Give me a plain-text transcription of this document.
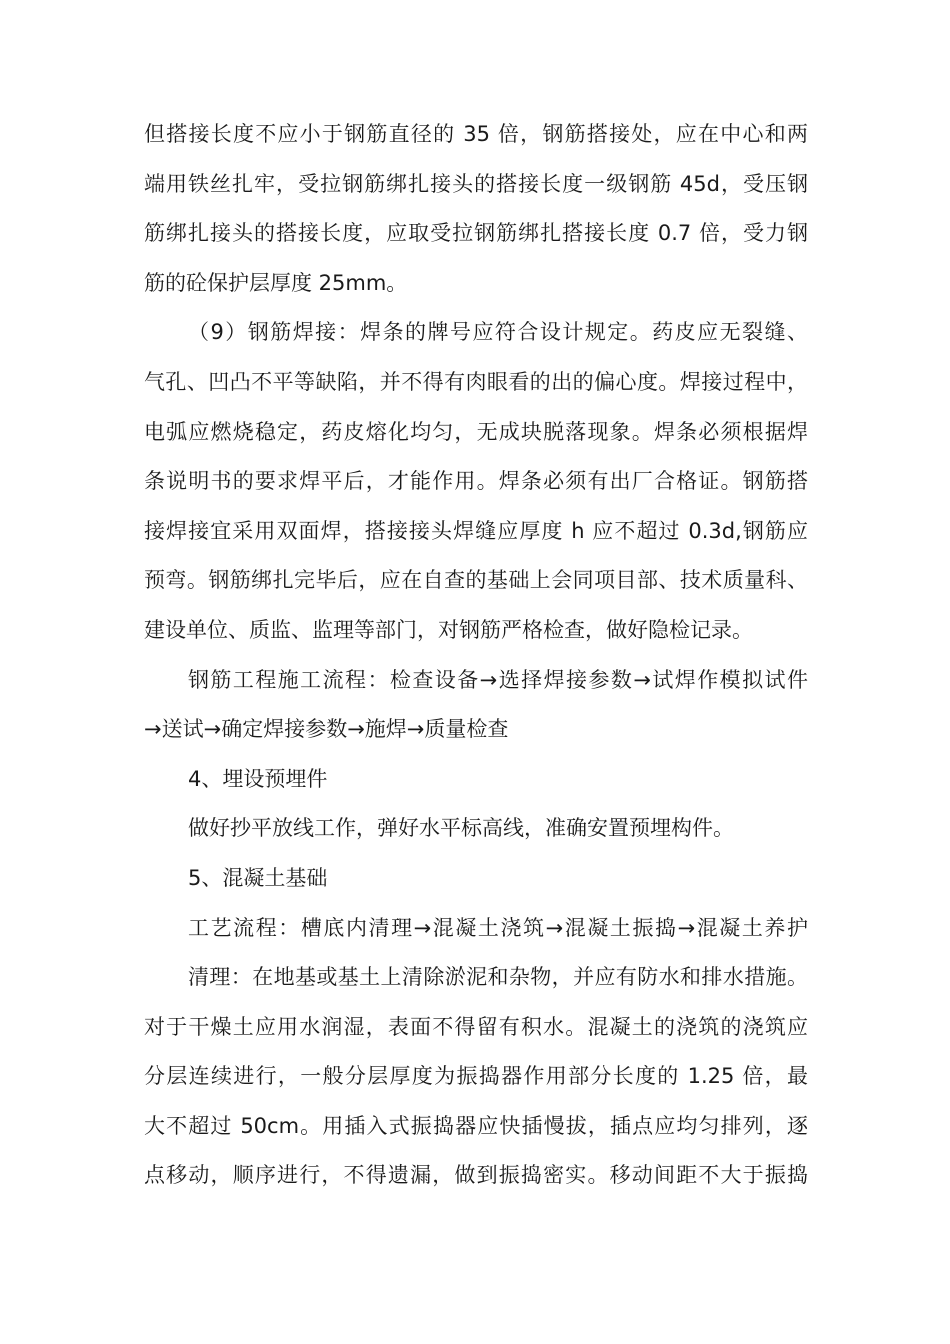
但搭接长度不应小于钢筋直径的 35 倍，钢筋搭接处，应在中心和两
端用铁丝扎牢，受拉钢筋绑扎接头的搭接长度一级钢筋 45d，受压钢
筋绑扎接头的搭接长度，应取受拉钢筋绑扎搭接长度 0.7 倍，受力钢
筋的砼保护层厚度 25mm。
（9）钢筋焊接：焊条的牌号应符合设计规定。药皮应无裂缝、
气孔、凹凸不平等缺陷，并不得有肉眼看的出的偏心度。焊接过程中，
电弧应燃烧稳定，药皮熔化均匀，无成块脱落现象。焊条必须根据焊
条说明书的要求焊平后，才能作用。焊条必须有出厂合格证。钢筋搭
接焊接宜采用双面焊，搭接接头焊缝应厚度 h 应不超过 0.3d,钢筋应
预弯。钢筋绑扎完毕后，应在自查的基础上会同项目部、技术质量科、
建设单位、质监、监理等部门，对钢筋严格检查，做好隐检记录。
钢筋工程施工流程：检查设备→选择焊接参数→试焊作模拟试件
→送试→确定焊接参数→施焊→质量检查
4、埋设预埋件
做好抄平放线工作，弹好水平标高线，准确安置预埋构件。
5、混凝土基础
工艺流程：槽底内清理→混凝土浇筑→混凝土振捣→混凝土养护
清理：在地基或基土上清除淤泥和杂物，并应有防水和排水措施。
对于干燥土应用水润湿，表面不得留有积水。混凝土的浇筑的浇筑应
分层连续进行，一般分层厚度为振捣器作用部分长度的 1.25 倍，最
大不超过 50cm。用插入式振捣器应快插慢拔，插点应均匀排列，逐
点移动，顺序进行，不得遗漏，做到振捣密实。移动间距不大于振捣
